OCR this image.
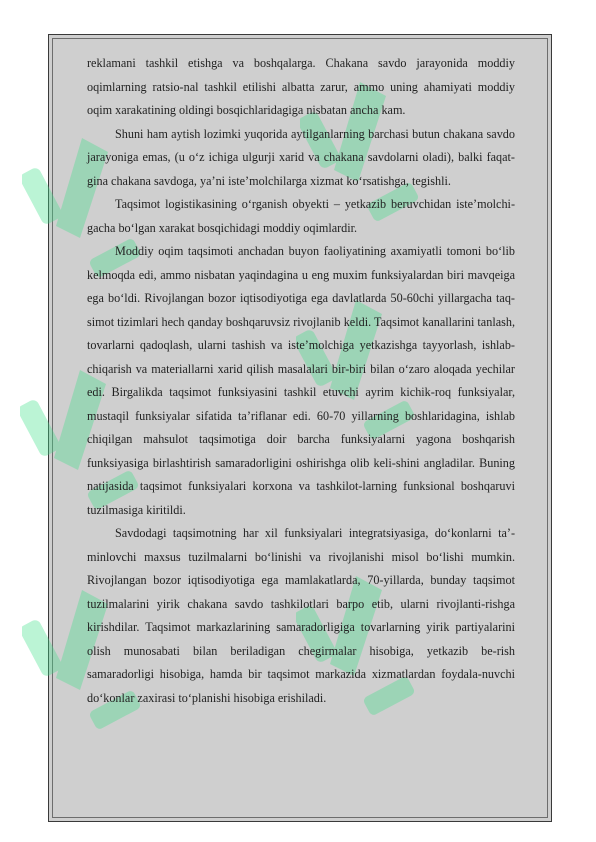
reklamani tashkil etishga va boshqalarga. Chakana savdo jarayonida moddiy oqimlarning ratsio-nal tashkil etilishi albatta zarur, ammo uning ahamiyati moddiy oqim xarakatining oldingi bosqichlaridagiga nisbatan ancha kam.

Shuni ham aytish lozimki yuqorida aytilganlarning barchasi butun chakana savdo jarayoniga emas, (u o‘z ichiga ulgurji xarid va chakana savdolarni oladi), balki faqat-gina chakana savdoga, ya’ni iste’molchilarga xizmat ko‘rsatishga, tegishli.

Taqsimot logistikasining o‘rganish obyekti – yetkazib beruvchidan iste’molchi-gacha bo‘lgan xarakat bosqichidagi moddiy oqimlardir.

Moddiy oqim taqsimoti anchadan buyon faoliyatining axamiyatli tomoni bo‘lib kelmoqda edi, ammo nisbatan yaqindagina u eng muxim funksiyalardan biri mavqeiga ega bo‘ldi. Rivojlangan bozor iqtisodiyotiga ega davlatlarda 50-60chi yillargacha taq-simot tizimlari hech qanday boshqaruvsiz rivojlanib keldi. Taqsimot kanallarini tanlash, tovarlarni qadoqlash, ularni tashish va iste’molchiga yetkazishga tayyorlash, ishlab-chiqarish va materiallarni xarid qilish masalalari bir-biri bilan o‘zaro aloqada yechilar edi. Birgalikda taqsimot funksiyasini tashkil etuvchi ayrim kichik-roq funksiyalar, mustaqil funksiyalar sifatida ta’riflanar edi. 60-70 yillarning boshlaridagina, ishlab chiqilgan mahsulot taqsimotiga doir barcha funksiyalarni yagona boshqarish funksiyasiga birlashtirish samaradorligini oshirishga olib keli-shini angladilar. Buning natijasida taqsimot funksiyalari korxona va tashkilot-larning funksional boshqaruvi tuzilmasiga kiritildi.

Savdodagi taqsimotning har xil funksiyalari integratsiyasiga, do‘konlarni ta’-minlovchi maxsus tuzilmalarni bo‘linishi va rivojlanishi misol bo‘lishi mumkin. Rivojlangan bozor iqtisodiyotiga ega mamlakatlarda, 70-yillarda, bunday taqsimot tuzilmalarini yirik chakana savdo tashkilotlari barpo etib, ularni rivojlanti-rishga kirishdilar. Taqsimot markazlarining samaradorligiga tovarlarning yirik partiyalarini olish munosabati bilan beriladigan chegirmalar hisobiga, yetkazib be-rish samaradorligi hisobiga, hamda bir taqsimot markazida xizmatlardan foydala-nuvchi do‘konlar zaxirasi to‘planishi hisobiga erishiladi.
